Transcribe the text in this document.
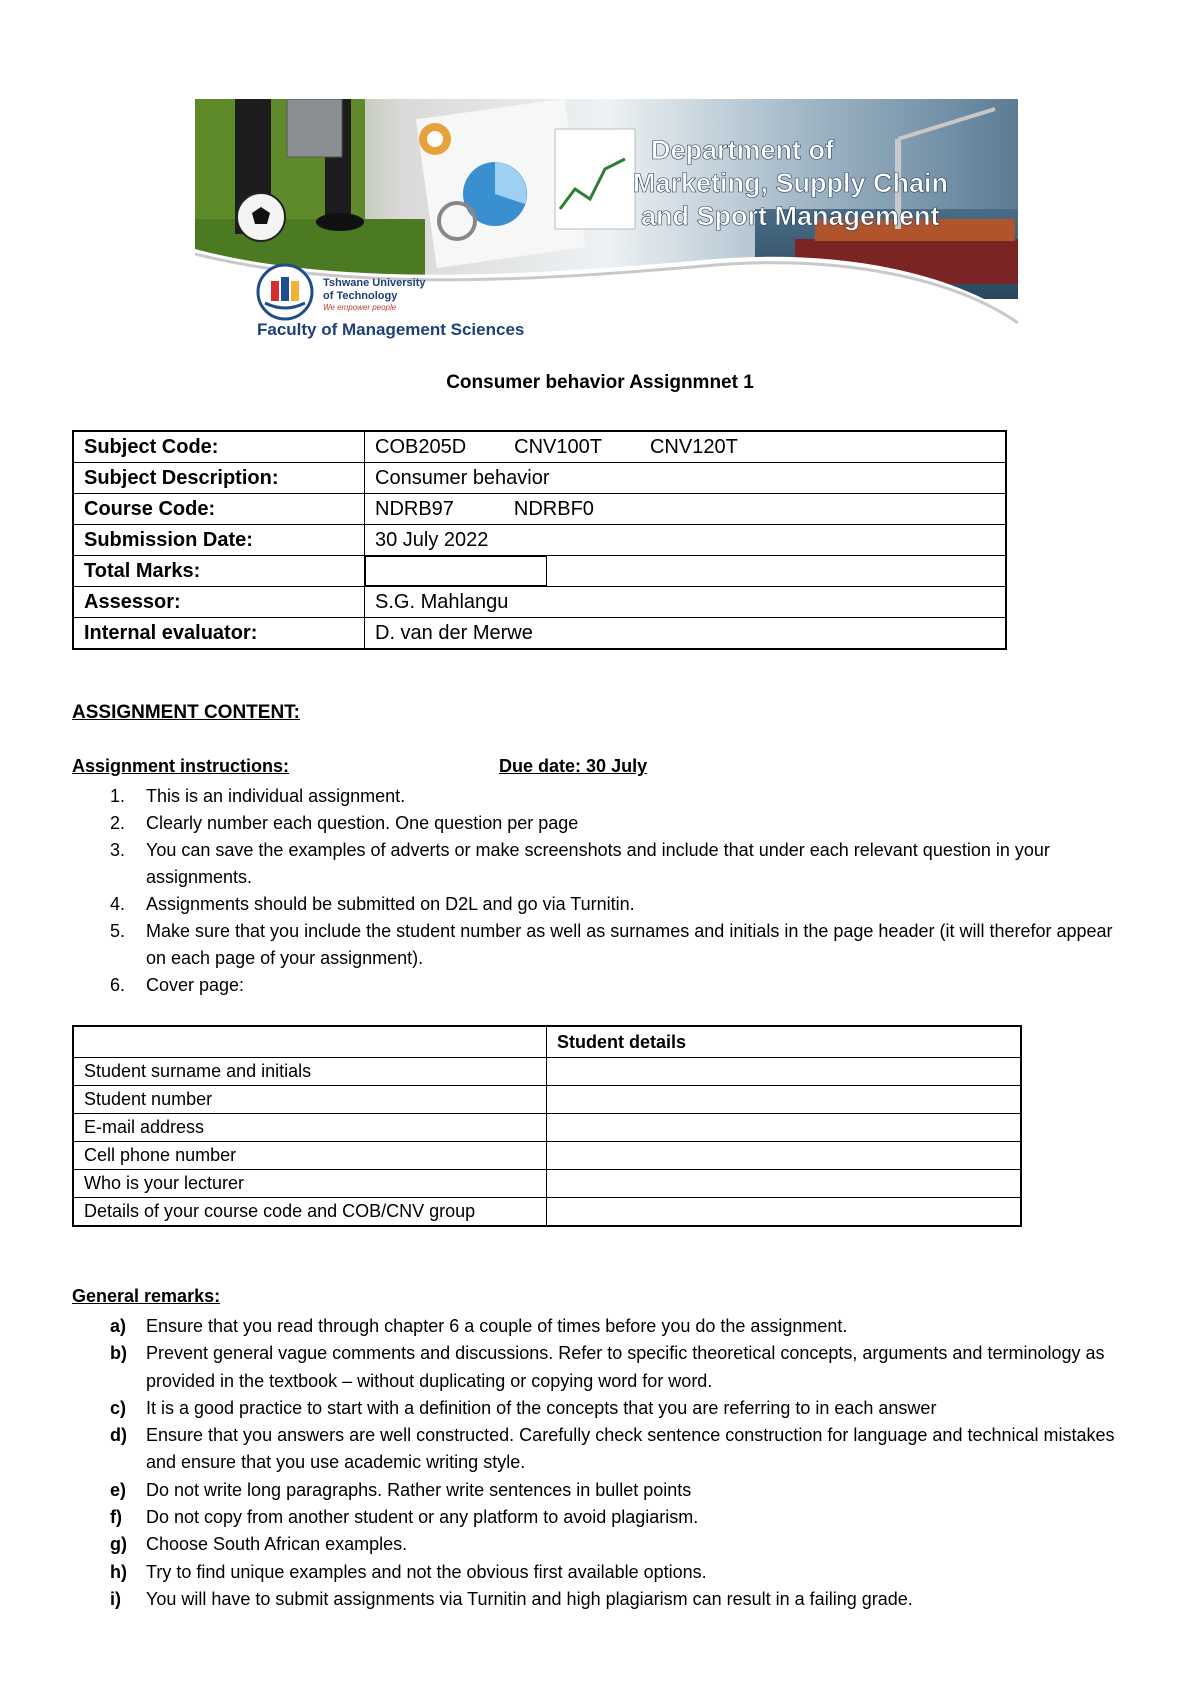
Department of
Marketing, Supply Chain
and Sport Management
Tshwane University
of Technology
We empower people
Faculty of Management Sciences
Consumer behavior Assignmnet 1
Subject Code:	COB205D CNV100T CNV120T
Subject Description:	Consumer behavior
Course Code:	NDRB97 NDRBF0
Submission Date:	30 July 2022
Total Marks:	
Assessor:	S.G. Mahlangu
Internal evaluator:	D. van der Merwe
ASSIGNMENT CONTENT:
Assignment instructions:	Due date: 30 July
1.	This is an individual assignment.
2.	Clearly number each question. One question per page
3.	You can save the examples of adverts or make screenshots and include that under each relevant question in your assignments.
4.	Assignments should be submitted on D2L and go via Turnitin.
5.	Make sure that you include the student number as well as surnames and initials in the page header (it will therefor appear on each page of your assignment).
6.	Cover page:
	Student details
Student surname and initials	
Student number	
E-mail address	
Cell phone number	
Who is your lecturer	
Details of your course code and COB/CNV group	
General remarks:
a)	Ensure that you read through chapter 6 a couple of times before you do the assignment.
b)	Prevent general vague comments and discussions. Refer to specific theoretical concepts, arguments and terminology as provided in the textbook – without duplicating or copying word for word.
c)	It is a good practice to start with a definition of the concepts that you are referring to in each answer
d)	Ensure that you answers are well constructed. Carefully check sentence construction for language and technical mistakes and ensure that you use academic writing style.
e)	Do not write long paragraphs. Rather write sentences in bullet points
f)	Do not copy from another student or any platform to avoid plagiarism.
g)	Choose South African examples.
h)	Try to find unique examples and not the obvious first available options.
i)	You will have to submit assignments via Turnitin and high plagiarism can result in a failing grade.
